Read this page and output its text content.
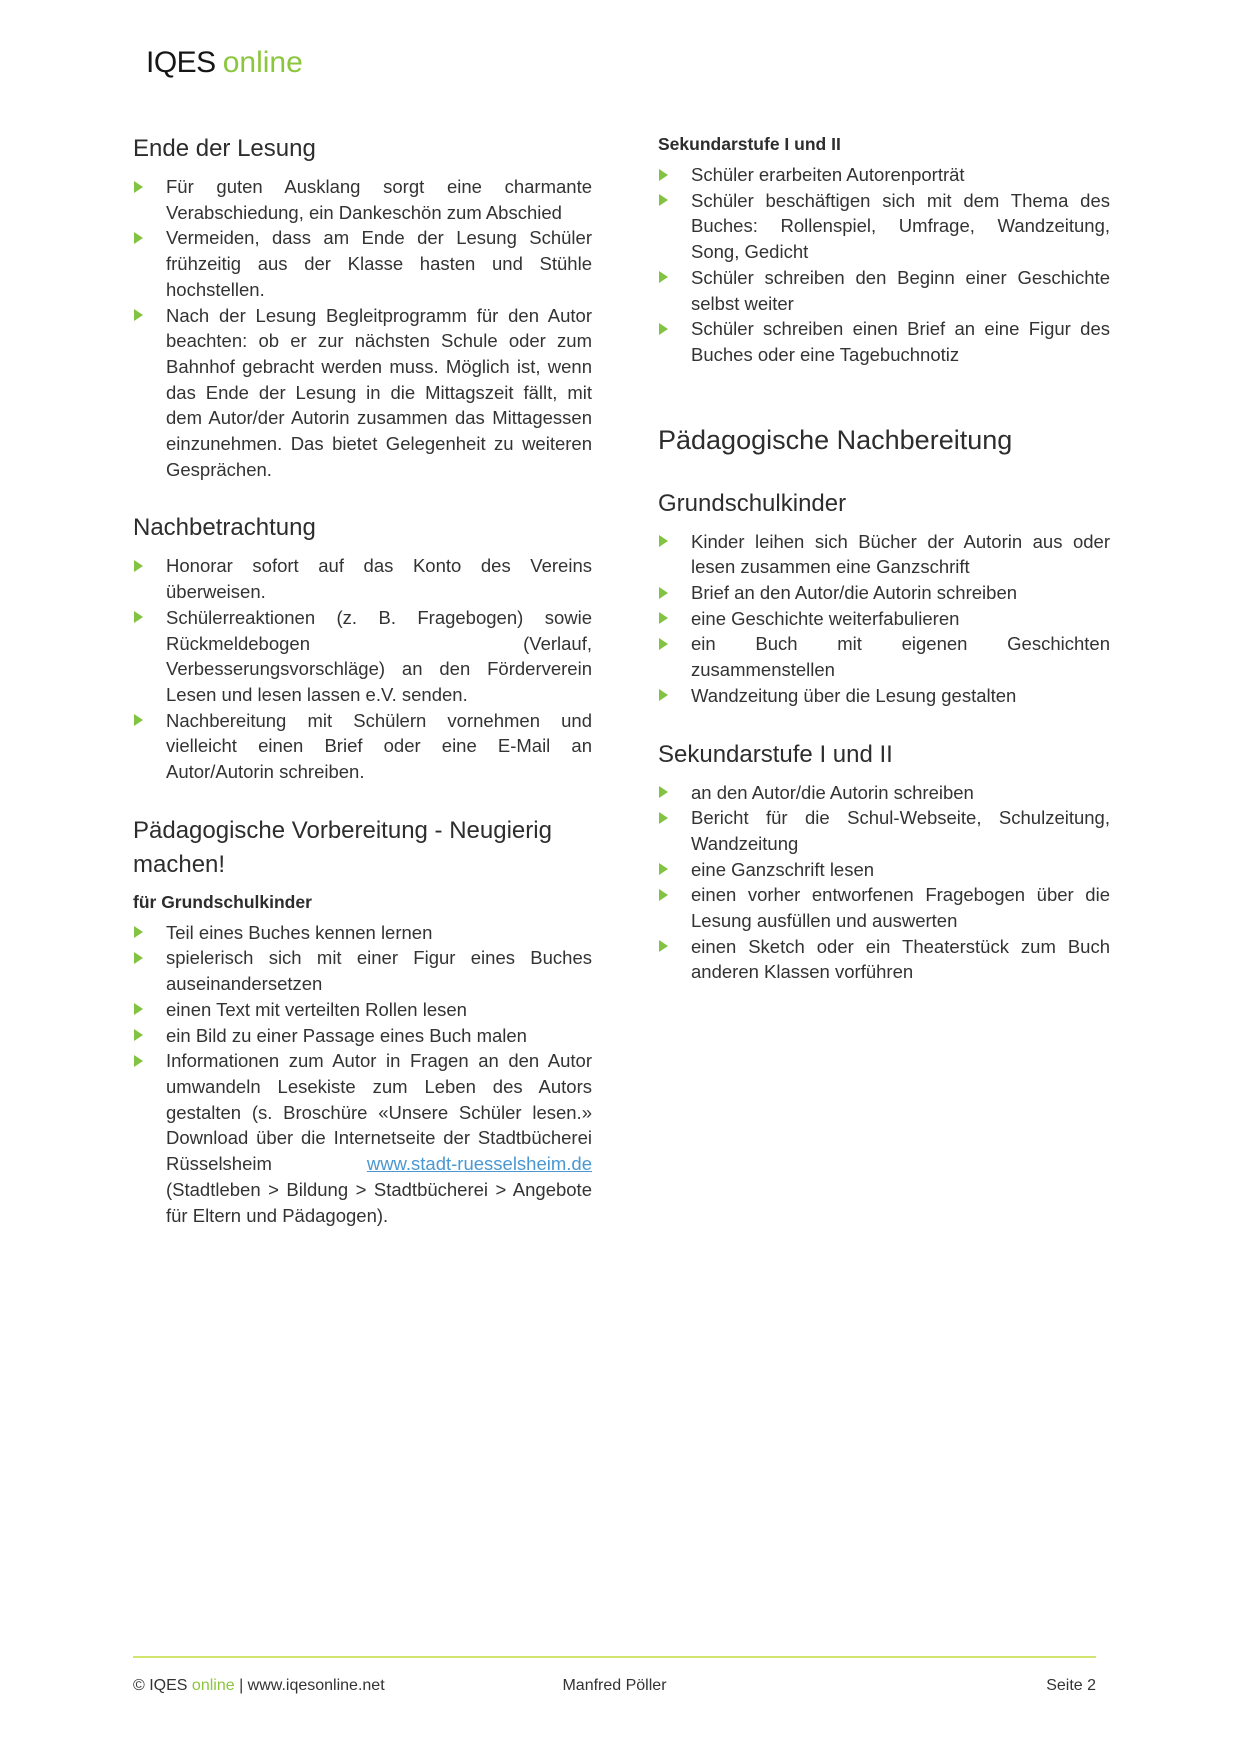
IQES online
Ende der Lesung
Für guten Ausklang sorgt eine charmante Verabschiedung, ein Dankeschön zum Abschied
Vermeiden, dass am Ende der Lesung Schüler frühzeitig aus der Klasse hasten und Stühle hochstellen.
Nach der Lesung Begleitprogramm für den Autor beachten: ob er zur nächsten Schule oder zum Bahnhof gebracht werden muss. Möglich ist, wenn das Ende der Lesung in die Mittagszeit fällt, mit dem Autor/der Autorin zusammen das Mittagessen einzunehmen. Das bietet Gelegenheit zu weiteren Gesprächen.
Nachbetrachtung
Honorar sofort auf das Konto des Vereins überweisen.
Schülerreaktionen (z. B. Fragebogen) sowie Rückmeldebogen (Verlauf, Verbesserungsvorschläge) an den Förderverein Lesen und lesen lassen e.V. senden.
Nachbereitung mit Schülern vornehmen und vielleicht einen Brief oder eine E-Mail an Autor/Autorin schreiben.
Pädagogische Vorbereitung - Neugierig machen!
für Grundschulkinder
Teil eines Buches kennen lernen
spielerisch sich mit einer Figur eines Buches auseinandersetzen
einen Text mit verteilten Rollen lesen
ein Bild zu einer Passage eines Buch malen
Informationen zum Autor in Fragen an den Autor umwandeln Lesekiste zum Leben des Autors gestalten (s. Broschüre «Unsere Schüler lesen.» Download über die Internetseite der Stadtbücherei Rüsselsheim www.stadt-ruesselsheim.de (Stadtleben > Bildung > Stadtbücherei > Angebote für Eltern und Pädagogen).
Sekundarstufe I und II
Schüler erarbeiten Autorenporträt
Schüler beschäftigen sich mit dem Thema des Buches: Rollenspiel, Umfrage, Wandzeitung, Song, Gedicht
Schüler schreiben den Beginn einer Geschichte selbst weiter
Schüler schreiben einen Brief an eine Figur des Buches oder eine Tagebuchnotiz
Pädagogische Nachbereitung
Grundschulkinder
Kinder leihen sich Bücher der Autorin aus oder lesen zusammen eine Ganzschrift
Brief an den Autor/die Autorin schreiben
eine Geschichte weiterfabulieren
ein Buch mit eigenen Geschichten zusammenstellen
Wandzeitung über die Lesung gestalten
Sekundarstufe I und II
an den Autor/die Autorin schreiben
Bericht für die Schul-Webseite, Schulzeitung, Wandzeitung
eine Ganzschrift lesen
einen vorher entworfenen Fragebogen über die Lesung ausfüllen und auswerten
einen Sketch oder ein Theaterstück zum Buch anderen Klassen vorführen
© IQES online | www.iqesonline.net	Manfred Pöller	Seite 2
